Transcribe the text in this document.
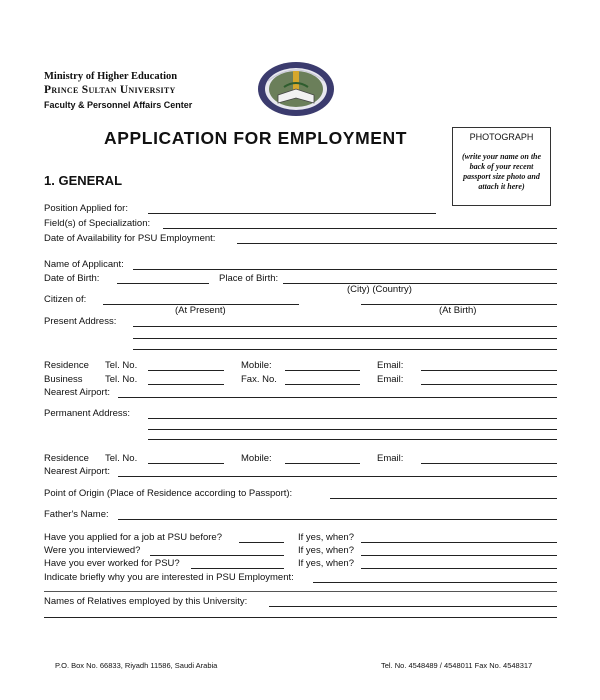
Ministry of Higher Education
Prince Sultan University
Faculty & Personnel Affairs Center
APPLICATION FOR EMPLOYMENT	PHOTOGRAPH
(write your name on the back of your recent passport size photo and attach it here)
1. GENERAL
Position Applied for:
Field(s) of Specialization:
Date of Availability for PSU Employment:
Name of Applicant:
Date of Birth:	Place of Birth:
(City) (Country)
Citizen of:
(At Present)	(At Birth)
Present Address:
Residence Tel. No.	Mobile:	Email:
Business Tel. No.	Fax. No.	Email:
Nearest Airport:
Permanent Address:
Residence Tel. No.	Mobile:	Email:
Nearest Airport:
Point of Origin (Place of Residence according to Passport):
Father's Name:
Have you applied for a job at PSU before?	If yes, when?
Were you interviewed?	If yes, when?
Have you ever worked for PSU?	If yes, when?
Indicate briefly why you are interested in PSU Employment:
Names of Relatives employed by this University:
P.O. Box No. 66833, Riyadh 11586, Saudi Arabia	Tel. No. 4548489 / 4548011 Fax No. 4548317
